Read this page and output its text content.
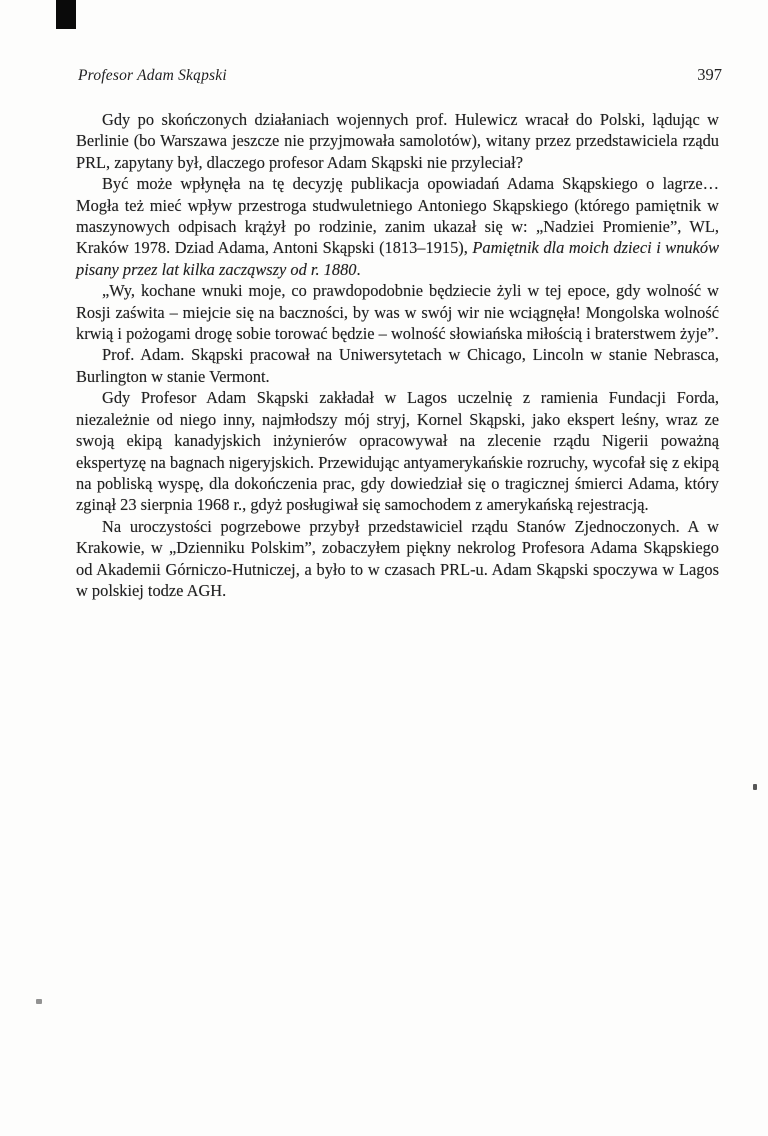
Profesor Adam Skąpski	397

Gdy po skończonych działaniach wojennych prof. Hulewicz wracał do Polski, lądując w Berlinie (bo Warszawa jeszcze nie przyjmowała samolotów), witany przez przedstawiciela rządu PRL, zapytany był, dlaczego profesor Adam Skąpski nie przyleciał?

Być może wpłynęła na tę decyzję publikacja opowiadań Adama Skąpskiego o lagrze… Mogła też mieć wpływ przestroga studwuletniego Antoniego Skąpskiego (którego pamiętnik w maszynowych odpisach krążył po rodzinie, zanim ukazał się w: „Nadziei Promienie”, WL, Kraków 1978. Dziad Adama, Antoni Skąpski (1813–1915), Pamiętnik dla moich dzieci i wnuków pisany przez lat kilka zacząwszy od r. 1880.

„Wy, kochane wnuki moje, co prawdopodobnie będziecie żyli w tej epoce, gdy wolność w Rosji zaświta – miejcie się na baczności, by was w swój wir nie wciągnęła! Mongolska wolność krwią i pożogami drogę sobie torować będzie – wolność słowiańska miłością i braterstwem żyje”.

Prof. Adam. Skąpski pracował na Uniwersytetach w Chicago, Lincoln w stanie Nebrasca, Burlington w stanie Vermont.

Gdy Profesor Adam Skąpski zakładał w Lagos uczelnię z ramienia Fundacji Forda, niezależnie od niego inny, najmłodszy mój stryj, Kornel Skąpski, jako ekspert leśny, wraz ze swoją ekipą kanadyjskich inżynierów opracowywał na zlecenie rządu Nigerii poważną ekspertyzę na bagnach nigeryjskich. Przewidując antyamerykańskie rozruchy, wycofał się z ekipą na pobliską wyspę, dla dokończenia prac, gdy dowiedział się o tragicznej śmierci Adama, który zginął 23 sierpnia 1968 r., gdyż posługiwał się samochodem z amerykańską rejestracją.

Na uroczystości pogrzebowe przybył przedstawiciel rządu Stanów Zjednoczonych. A w Krakowie, w „Dzienniku Polskim”, zobaczyłem piękny nekrolog Profesora Adama Skąpskiego od Akademii Górniczo-Hutniczej, a było to w czasach PRL-u. Adam Skąpski spoczywa w Lagos w polskiej todze AGH.
